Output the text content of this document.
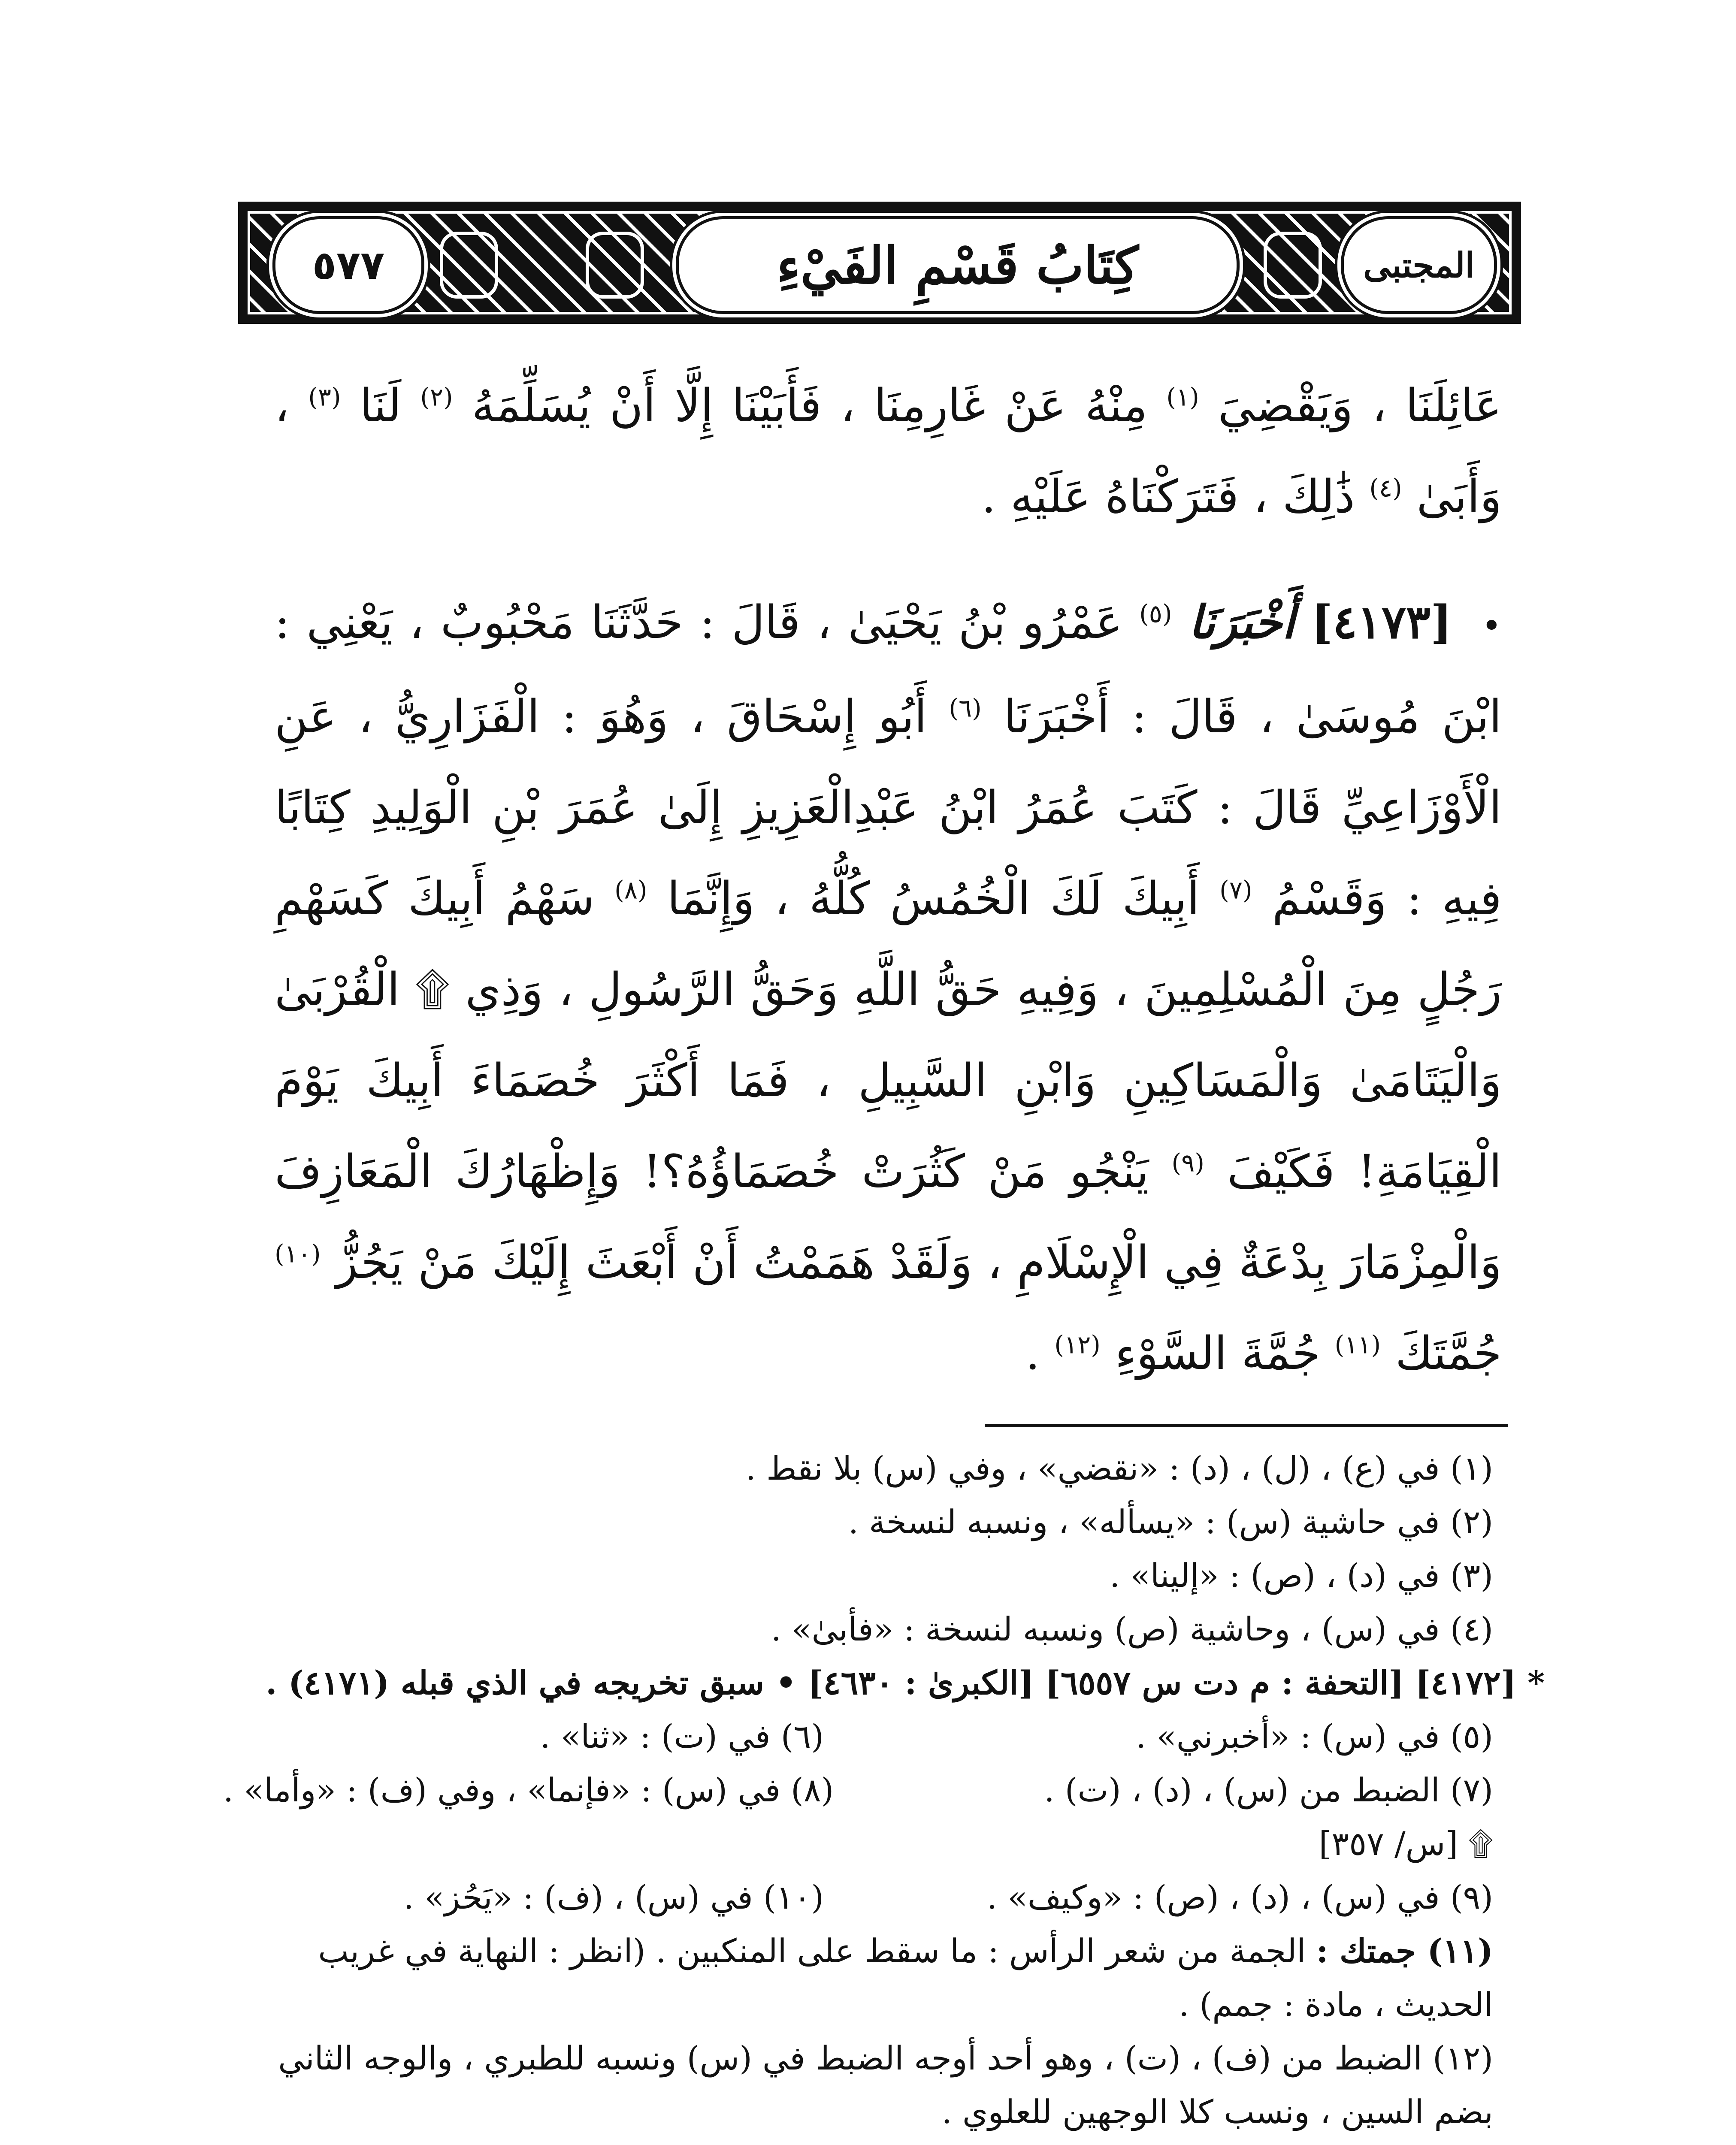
٥٧٧	كِتَابُ قَسْمِ الفَيْءِ	المجتبى

عَائِلَنَا ، وَيَقْضِيَ $^{(١)}$ مِنْهُ عَنْ غَارِمِنَا ، فَأَبَيْنَا إِلَّا أَنْ يُسَلِّمَهُ $^{(٢)}$ لَنَا $^{(٣)}$ ، وَأَبَىٰ $^{(٤)}$ ذَٰلِكَ ، فَتَرَكْنَاهُ عَلَيْهِ .

• [٤١٧٣] أَخْبَرَنَا $^{(٥)}$ عَمْرُو بْنُ يَحْيَىٰ ، قَالَ : حَدَّثَنَا مَحْبُوبٌ ، يَعْنِي : ابْنَ مُوسَىٰ ، قَالَ : أَخْبَرَنَا $^{(٦)}$ أَبُو إِسْحَاقَ ، وَهُوَ : الْفَزَارِيُّ ، عَنِ الْأَوْزَاعِيِّ قَالَ : كَتَبَ عُمَرُ ابْنُ عَبْدِالْعَزِيزِ إِلَىٰ عُمَرَ بْنِ الْوَلِيدِ كِتَابًا فِيهِ : وَقَسْمُ $^{(٧)}$ أَبِيكَ لَكَ الْخُمُسُ كُلُّهُ ، وَإِنَّمَا $^{(٨)}$ سَهْمُ أَبِيكَ كَسَهْمِ رَجُلٍ مِنَ الْمُسْلِمِينَ ، وَفِيهِ حَقُّ اللَّهِ وَحَقُّ الرَّسُولِ ، وَذِي ۩ الْقُرْبَىٰ وَالْيَتَامَىٰ وَالْمَسَاكِينِ وَابْنِ السَّبِيلِ ، فَمَا أَكْثَرَ خُصَمَاءَ أَبِيكَ يَوْمَ الْقِيَامَةِ! فَكَيْفَ $^{(٩)}$ يَنْجُو مَنْ كَثُرَتْ خُصَمَاؤُهُ؟! وَإِظْهَارُكَ الْمَعَازِفَ وَالْمِزْمَارَ بِدْعَةٌ فِي الْإِسْلَامِ ، وَلَقَدْ هَمَمْتُ أَنْ أَبْعَثَ إِلَيْكَ مَنْ يَجُزُّ $^{(١٠)}$ جُمَّتَكَ $^{(١١)}$ جُمَّةَ السَّوْءِ $^{(١٢)}$ .

(١) في (ع) ، (ل) ، (د) : «نقضي» ، وفي (س) بلا نقط .
(٢) في حاشية (س) : «يسأله» ، ونسبه لنسخة .
(٣) في (د) ، (ص) : «إلينا» .
(٤) في (س) ، وحاشية (ص) ونسبه لنسخة : «فأبىٰ» .
* [٤١٧٢] [التحفة : م دت س ٦٥٥٧] [الكبرىٰ : ٤٦٣٠] • سبق تخريجه في الذي قبله (٤١٧١) .
(٥) في (س) : «أخبرني» .
(٦) في (ت) : «ثنا» .
(٧) الضبط من (س) ، (د) ، (ت) .
(٨) في (س) : «فإنما» ، وفي (ف) : «وأما» .
۩ [س/ ٣٥٧]
(٩) في (س) ، (د) ، (ص) : «وكيف» .
(١٠) في (س) ، (ف) : «يَحُز» .
(١١) جمتك : الجمة من شعر الرأس : ما سقط على المنكبين . (انظر : النهاية في غريب الحديث ، مادة : جمم) .
(١٢) الضبط من (ف) ، (ت) ، وهو أحد أوجه الضبط في (س) ونسبه للطبري ، والوجه الثاني بضم السين ، ونسب كلا الوجهين للعلوي .
